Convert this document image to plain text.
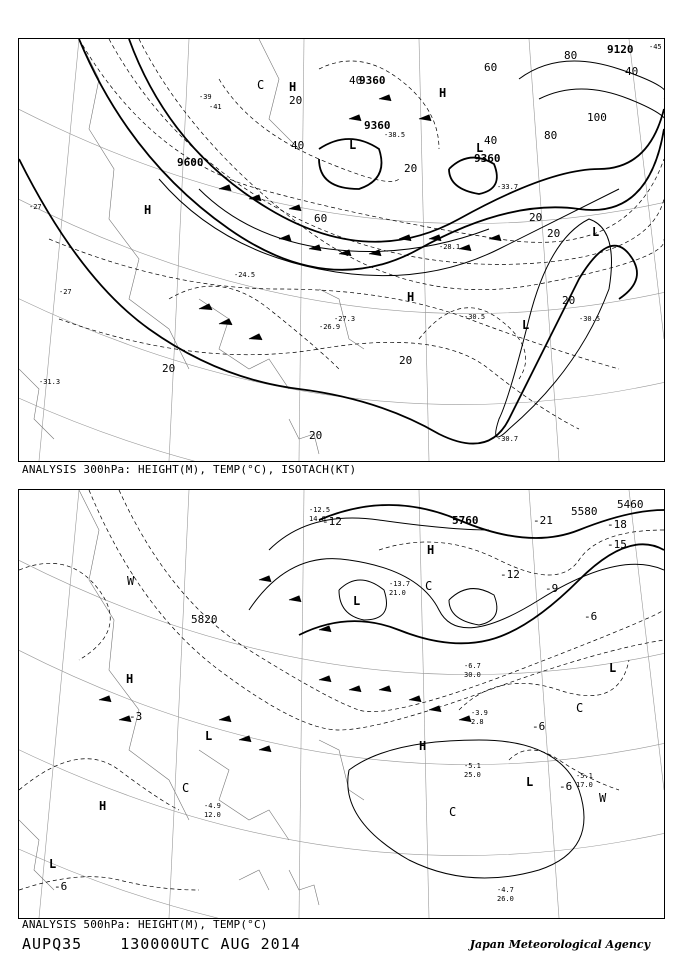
9120
9360
9360
9360
9600
20
20
20
20
20
20
20
20
40
40
40	40
60
60
80
100
80
H
H
H
H
L
L
L	L
C
-27
-27
-24.5
-26.9
-30.5
-30.7
-27.3
-39
-41
-45
-38.5
-33.7
-28.1
-30.5
-31.3
ANALYSIS 300hPa: HEIGHT(M), TEMP(°C), ISOTACH(KT)
5760
5580
5460
5820
-18
-15
-12	-21
-12
-9
-6
-3
-6
-6
-6
H
H
H
H
L
L
L
L
L
C
C
C
C
W
W
-5.1
25.0
-4.7
26.0
-5.1
17.0
-4.9
12.0
-3.9
2.8
-6.7
30.0
-13.7
21.0
-12.5
14.0
ANALYSIS 500hPa: HEIGHT(M), TEMP(°C)
AUPQ35	130000UTC AUG 2014	Japan Meteorological Agency
